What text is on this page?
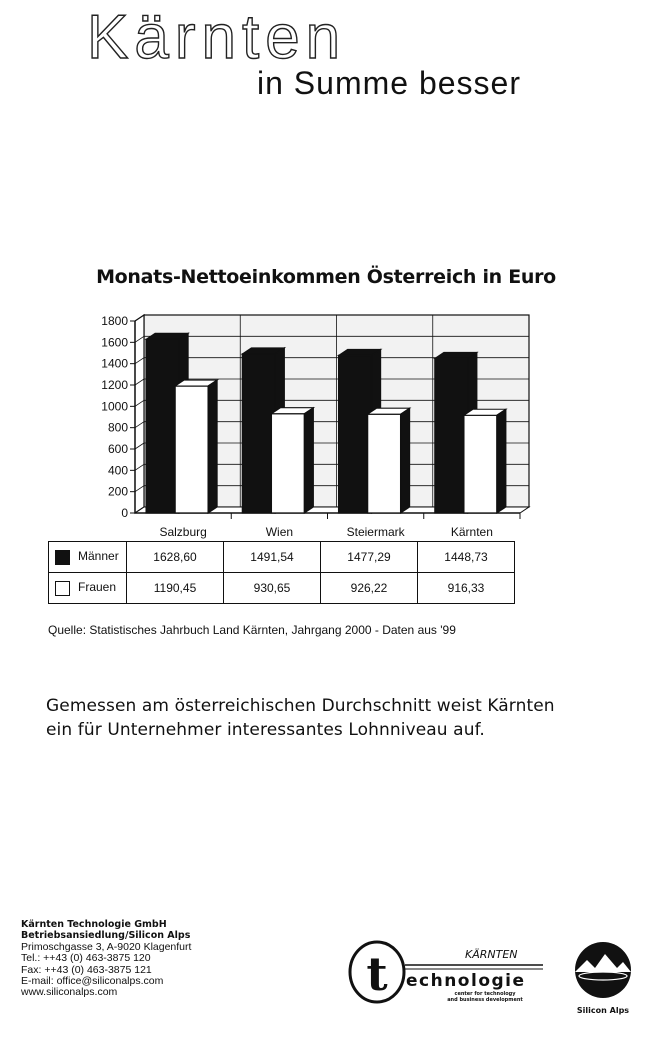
Kärnten
in Summe besser
Monats-Nettoeinkommen Österreich in Euro
0
200
400
600
800
1000
1200
1400
1600
1800
Salzburg	Wien	Steiermark	Kärnten
Männer	1628,60	1491,54	1477,29	1448,73
Frauen	1190,45	930,65	926,22	916,33
Quelle: Statistisches Jahrbuch Land Kärnten, Jahrgang 2000 - Daten aus '99
Gemessen am österreichischen Durchschnitt weist Kärnten
ein für Unternehmer interessantes Lohnniveau auf.
Kärnten Technologie GmbH
Betriebsansiedlung/Silicon Alps
Primoschgasse 3, A-9020 Klagenfurt
Tel.: ++43 (0) 463-3875 120
Fax: ++43 (0) 463-3875 121
E-mail: office@siliconalps.com
www.siliconalps.com	t	KÄRNTEN
echnologie
center for technology
and business development
Silicon Alps
